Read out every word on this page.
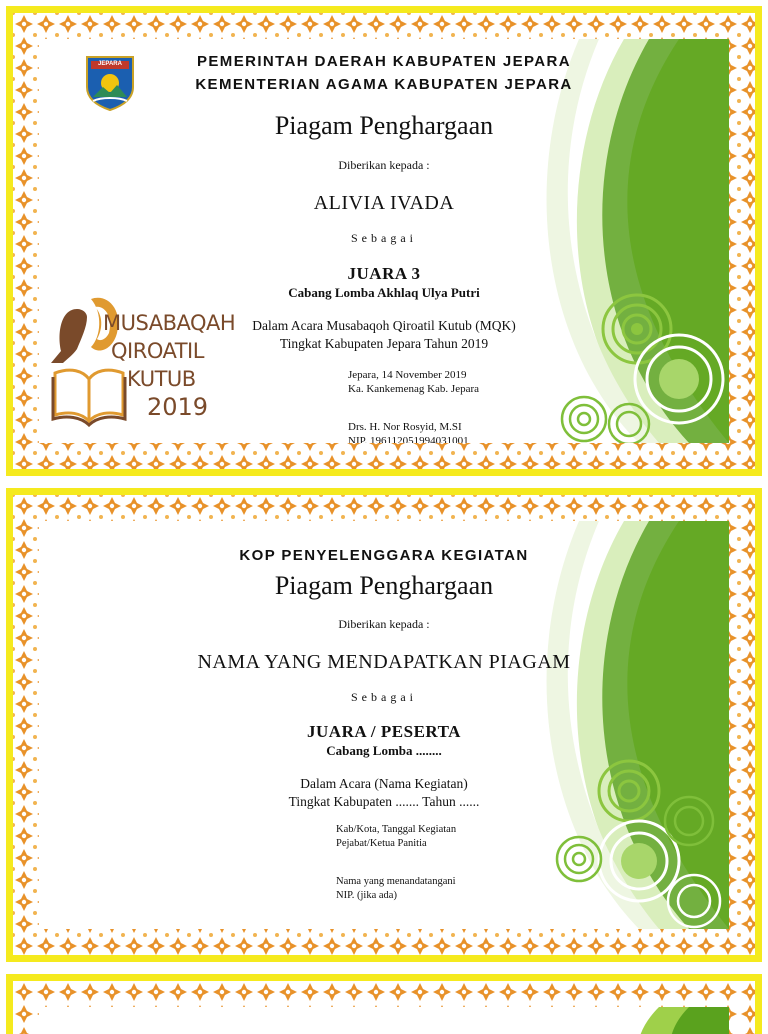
JEPARA	PEMERINTAH DAERAH KABUPATEN JEPARA
KEMENTERIAN AGAMA KABUPATEN JEPARA
Piagam Penghargaan
Diberikan kepada :
ALIVIA IVADA
Sebagai
JUARA 3
Cabang Lomba Akhlaq Ulya Putri
Dalam Acara Musabaqoh Qiroatil Kutub (MQK)
Tingkat Kabupaten Jepara Tahun 2019
Jepara, 14 November 2019
Ka. Kankemenag Kab. Jepara
Drs. H. Nor Rosyid, M.SI
NIP. 196112051994031001
MUSABAQAH
QIROATIL
KUTUB
2019
KOP PENYELENGGARA KEGIATAN
Piagam Penghargaan
Diberikan kepada :
NAMA YANG MENDAPATKAN PIAGAM
Sebagai
JUARA / PESERTA
Cabang Lomba ........
Dalam Acara (Nama Kegiatan)
Tingkat Kabupaten ....... Tahun ......
Kab/Kota, Tanggal Kegiatan
Pejabat/Ketua Panitia
Nama yang menandatangani
NIP. (jika ada)
